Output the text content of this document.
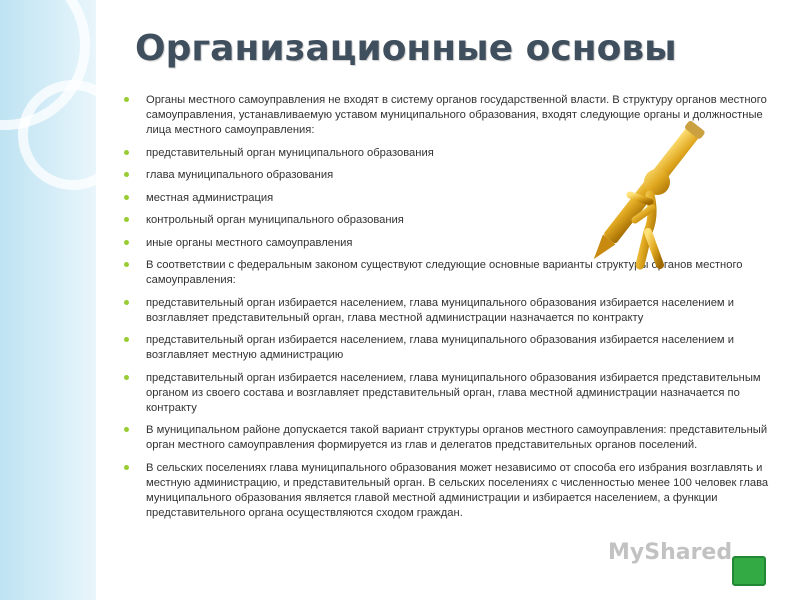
Организационные основы
Органы местного самоуправления не входят в систему органов государственной власти. В структуру органов местного самоуправления, устанавливаемую уставом муниципального образования, входят следующие органы и должностные лица местного самоуправления:
представительный орган муниципального образования
глава муниципального образования
местная администрация
контрольный орган муниципального образования
иные органы местного самоуправления
В соответствии с федеральным законом существуют следующие основные варианты структуры органов местного самоуправления:
представительный орган избирается населением, глава муниципального образования избирается населением и возглавляет представительный орган, глава местной администрации назначается по контракту
представительный орган избирается населением, глава муниципального образования избирается населением и возглавляет местную администрацию
представительный орган избирается населением, глава муниципального образования избирается представительным органом из своего состава и возглавляет представительный орган, глава местной администрации назначается по контракту
В муниципальном районе допускается такой вариант структуры органов местного самоуправления: представительный орган местного самоуправления формируется из глав и делегатов представительных органов поселений.
В сельских поселениях глава муниципального образования может независимо от способа его избрания возглавлять и местную администрацию, и представительный орган. В сельских поселениях с численностью менее 100 человек глава муниципального образования является главой местной администрации и избирается населением, а функции представительного органа осуществляются сходом граждан.
MyShared
